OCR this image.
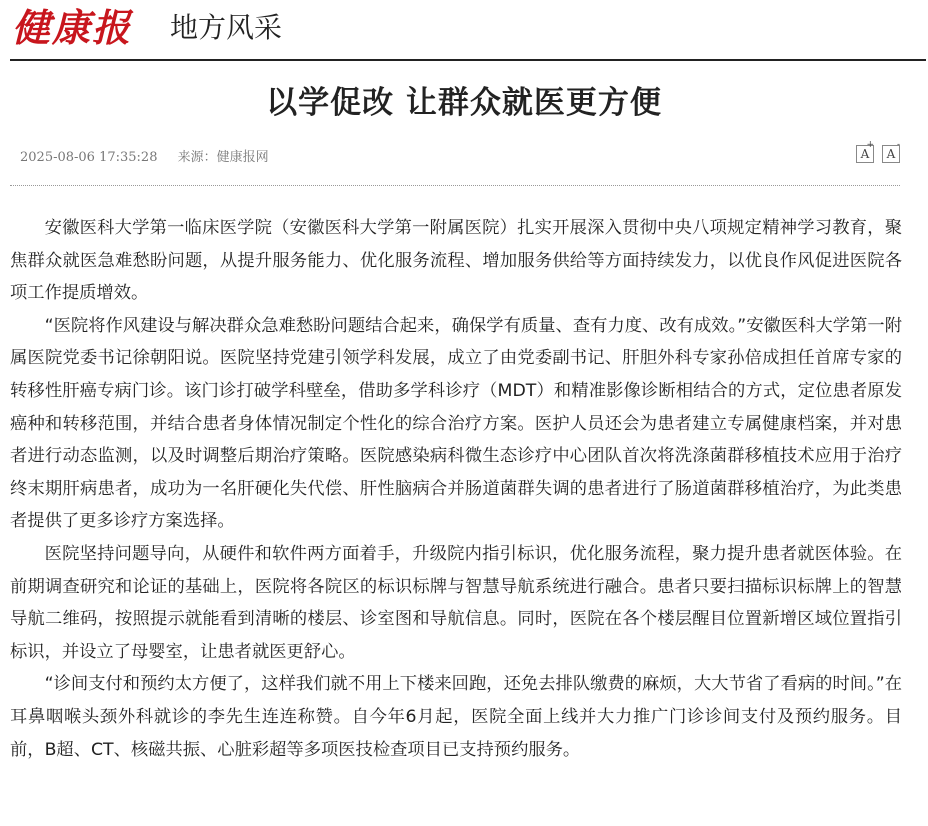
健康报 地方风采
以学促改 让群众就医更方便
2025-08-06 17:35:28 来源：健康报网	A
+
A
-

安徽医科大学第一临床医学院（安徽医科大学第一附属医院）扎实开展深入贯彻中央八项规定精神学习教育，聚焦群众就医急难愁盼问题，从提升服务能力、优化服务流程、增加服务供给等方面持续发力，以优良作风促进医院各项工作提质增效。

“医院将作风建设与解决群众急难愁盼问题结合起来，确保学有质量、查有力度、改有成效。”安徽医科大学第一附属医院党委书记徐朝阳说。医院坚持党建引领学科发展，成立了由党委副书记、肝胆外科专家孙倍成担任首席专家的转移性肝癌专病门诊。该门诊打破学科壁垒，借助多学科诊疗（MDT）和精准影像诊断相结合的方式，定位患者原发癌种和转移范围，并结合患者身体情况制定个性化的综合治疗方案。医护人员还会为患者建立专属健康档案，并对患者进行动态监测，以及时调整后期治疗策略。医院感染病科微生态诊疗中心团队首次将洗涤菌群移植技术应用于治疗终末期肝病患者，成功为一名肝硬化失代偿、肝性脑病合并肠道菌群失调的患者进行了肠道菌群移植治疗，为此类患者提供了更多诊疗方案选择。

医院坚持问题导向，从硬件和软件两方面着手，升级院内指引标识，优化服务流程，聚力提升患者就医体验。在前期调查研究和论证的基础上，医院将各院区的标识标牌与智慧导航系统进行融合。患者只要扫描标识标牌上的智慧导航二维码，按照提示就能看到清晰的楼层、诊室图和导航信息。同时，医院在各个楼层醒目位置新增区域位置指引标识，并设立了母婴室，让患者就医更舒心。

“诊间支付和预约太方便了，这样我们就不用上下楼来回跑，还免去排队缴费的麻烦，大大节省了看病的时间。”在耳鼻咽喉头颈外科就诊的李先生连连称赞。自今年6月起，医院全面上线并大力推广门诊诊间支付及预约服务。目前，B超、CT、核磁共振、心脏彩超等多项医技检查项目已支持预约服务。
